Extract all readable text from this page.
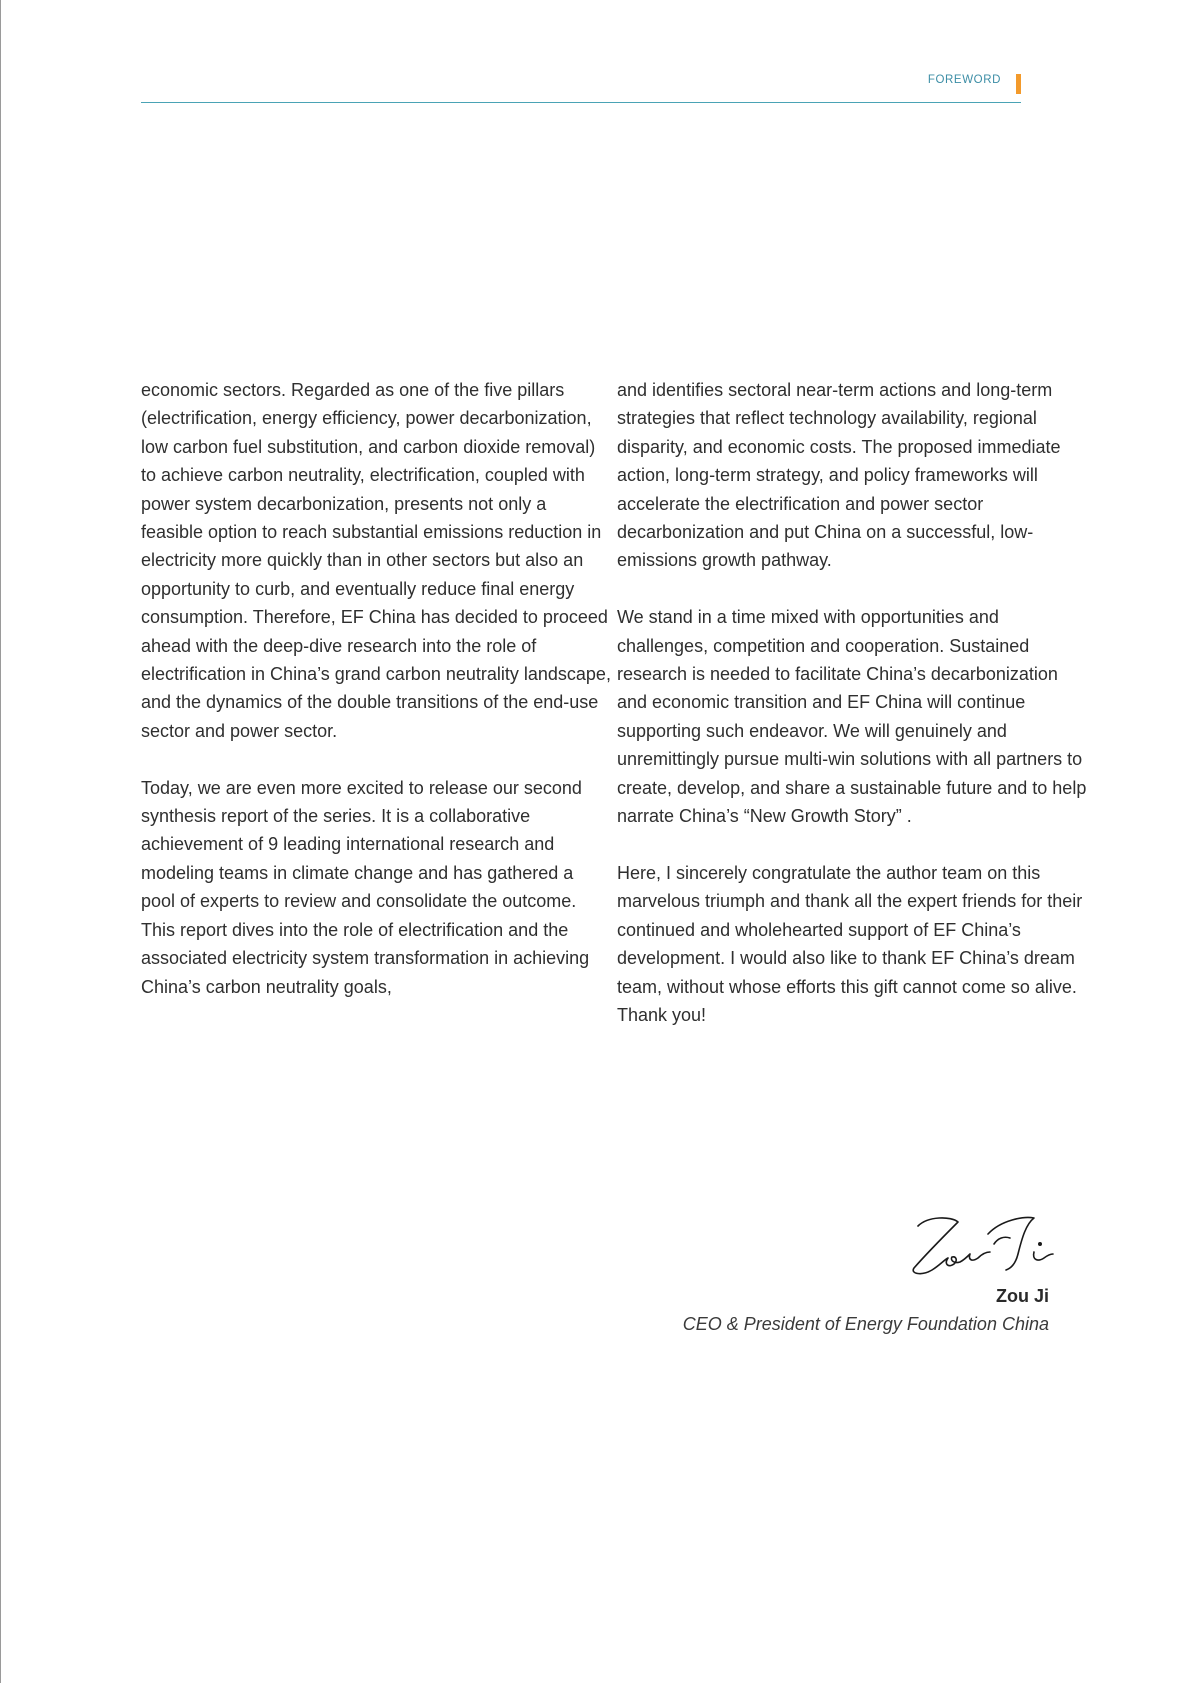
FOREWORD

economic sectors. Regarded as one of the five pillars (electrification, energy efficiency, power decarbonization, low carbon fuel substitution, and carbon dioxide removal) to achieve carbon neutrality, electrification, coupled with power system decarbonization, presents not only a feasible option to reach substantial emissions reduction in electricity more quickly than in other sectors but also an opportunity to curb, and eventually reduce final energy consumption. Therefore, EF China has decided to proceed ahead with the deep-dive research into the role of electrification in China’s grand carbon neutrality landscape, and the dynamics of the double transitions of the end-use sector and power sector.

Today, we are even more excited to release our second synthesis report of the series. It is a collaborative achievement of 9 leading international research and modeling teams in climate change and has gathered a pool of experts to review and consolidate the outcome. This report dives into the role of electrification and the associated electricity system transformation in achieving China’s carbon neutrality goals,

and identifies sectoral near-term actions and long-term strategies that reflect technology availability, regional disparity, and economic costs. The proposed immediate action, long-term strategy, and policy frameworks will accelerate the electrification and power sector decarbonization and put China on a successful, low-emissions growth pathway.

We stand in a time mixed with opportunities and challenges, competition and cooperation. Sustained research is needed to facilitate China’s decarbonization and economic transition and EF China will continue supporting such endeavor. We will genuinely and unremittingly pursue multi-win solutions with all partners to create, develop, and share a sustainable future and to help narrate China’s “New Growth Story” .

Here, I sincerely congratulate the author team on this marvelous triumph and thank all the expert friends for their continued and wholehearted support of EF China’s development. I would also like to thank EF China’s dream team, without whose efforts this gift cannot come so alive. Thank you!

Zou Ji
CEO & President of Energy Foundation China
